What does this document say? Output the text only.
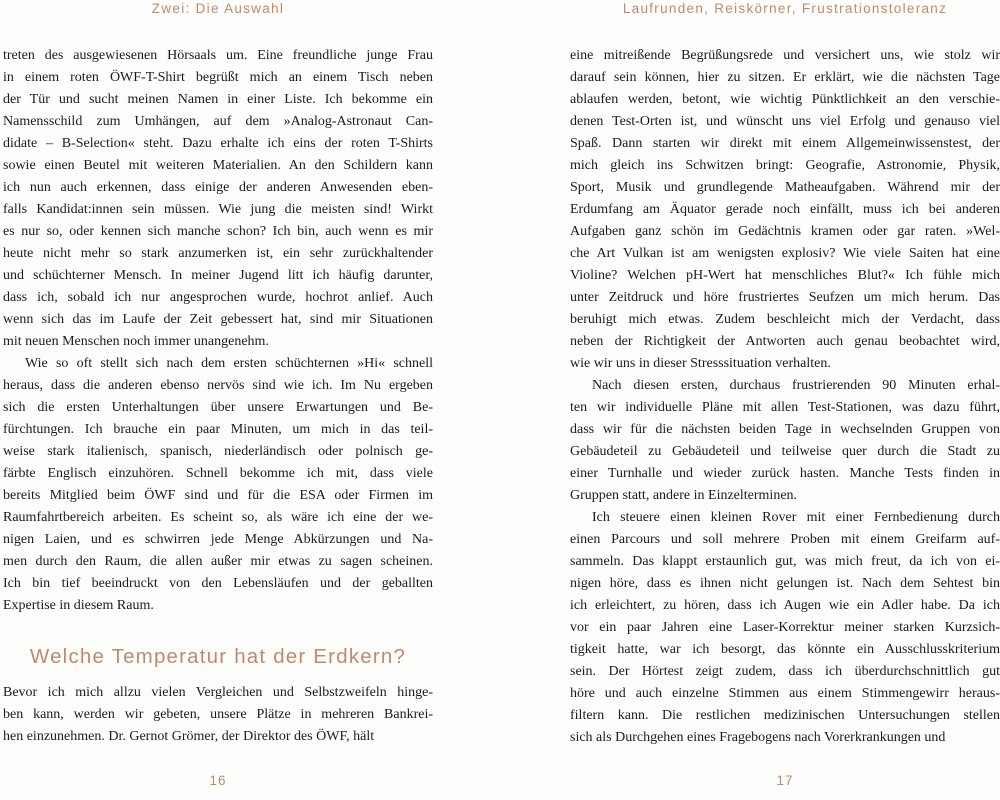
Zwei: Die Auswahl
treten des ausgewiesenen Hörsaals um. Eine freundliche junge Frau
in einem roten ÖWF-T-Shirt begrüßt mich an einem Tisch neben
der Tür und sucht meinen Namen in einer Liste. Ich bekomme ein
Namensschild zum Umhängen, auf dem »Analog-Astronaut Can-
didate – B-Selection« steht. Dazu erhalte ich eins der roten T-Shirts
sowie einen Beutel mit weiteren Materialien. An den Schildern kann
ich nun auch erkennen, dass einige der anderen Anwesenden eben-
falls Kandidat:innen sein müssen. Wie jung die meisten sind! Wirkt
es nur so, oder kennen sich manche schon? Ich bin, auch wenn es mir
heute nicht mehr so stark anzumerken ist, ein sehr zurückhaltender
und schüchterner Mensch. In meiner Jugend litt ich häufig darunter,
dass ich, sobald ich nur angesprochen wurde, hochrot anlief. Auch
wenn sich das im Laufe der Zeit gebessert hat, sind mir Situationen
mit neuen Menschen noch immer unangenehm.
Wie so oft stellt sich nach dem ersten schüchternen »Hi« schnell
heraus, dass die anderen ebenso nervös sind wie ich. Im Nu ergeben
sich die ersten Unterhaltungen über unsere Erwartungen und Be-
fürchtungen. Ich brauche ein paar Minuten, um mich in das teil-
weise stark italienisch, spanisch, niederländisch oder polnisch ge-
färbte Englisch einzuhören. Schnell bekomme ich mit, dass viele
bereits Mitglied beim ÖWF sind und für die ESA oder Firmen im
Raumfahrtbereich arbeiten. Es scheint so, als wäre ich eine der we-
nigen Laien, und es schwirren jede Menge Abkürzungen und Na-
men durch den Raum, die allen außer mir etwas zu sagen scheinen.
Ich bin tief beeindruckt von den Lebensläufen und der geballten
Expertise in diesem Raum.
Welche Temperatur hat der Erdkern?
Bevor ich mich allzu vielen Vergleichen und Selbstzweifeln hinge-
ben kann, werden wir gebeten, unsere Plätze in mehreren Bankrei-
hen einzunehmen. Dr. Gernot Grömer, der Direktor des ÖWF, hält
16
Laufrunden, Reiskörner, Frustrationstoleranz
eine mitreißende Begrüßungsrede und versichert uns, wie stolz wir
darauf sein können, hier zu sitzen. Er erklärt, wie die nächsten Tage
ablaufen werden, betont, wie wichtig Pünktlichkeit an den verschie-
denen Test-Orten ist, und wünscht uns viel Erfolg und genauso viel
Spaß. Dann starten wir direkt mit einem Allgemeinwissenstest, der
mich gleich ins Schwitzen bringt: Geografie, Astronomie, Physik,
Sport, Musik und grundlegende Matheaufgaben. Während mir der
Erdumfang am Äquator gerade noch einfällt, muss ich bei anderen
Aufgaben ganz schön im Gedächtnis kramen oder gar raten. »Wel-
che Art Vulkan ist am wenigsten explosiv? Wie viele Saiten hat eine
Violine? Welchen pH-Wert hat menschliches Blut?« Ich fühle mich
unter Zeitdruck und höre frustriertes Seufzen um mich herum. Das
beruhigt mich etwas. Zudem beschleicht mich der Verdacht, dass
neben der Richtigkeit der Antworten auch genau beobachtet wird,
wie wir uns in dieser Stresssituation verhalten.
Nach diesen ersten, durchaus frustrierenden 90 Minuten erhal-
ten wir individuelle Pläne mit allen Test-Stationen, was dazu führt,
dass wir für die nächsten beiden Tage in wechselnden Gruppen von
Gebäudeteil zu Gebäudeteil und teilweise quer durch die Stadt zu
einer Turnhalle und wieder zurück hasten. Manche Tests finden in
Gruppen statt, andere in Einzelterminen.
Ich steuere einen kleinen Rover mit einer Fernbedienung durch
einen Parcours und soll mehrere Proben mit einem Greifarm auf-
sammeln. Das klappt erstaunlich gut, was mich freut, da ich von ei-
nigen höre, dass es ihnen nicht gelungen ist. Nach dem Sehtest bin
ich erleichtert, zu hören, dass ich Augen wie ein Adler habe. Da ich
vor ein paar Jahren eine Laser-Korrektur meiner starken Kurzsich-
tigkeit hatte, war ich besorgt, das könnte ein Ausschlusskriterium
sein. Der Hörtest zeigt zudem, dass ich überdurchschnittlich gut
höre und auch einzelne Stimmen aus einem Stimmengewirr heraus-
filtern kann. Die restlichen medizinischen Untersuchungen stellen
sich als Durchgehen eines Fragebogens nach Vorerkrankungen und
17
